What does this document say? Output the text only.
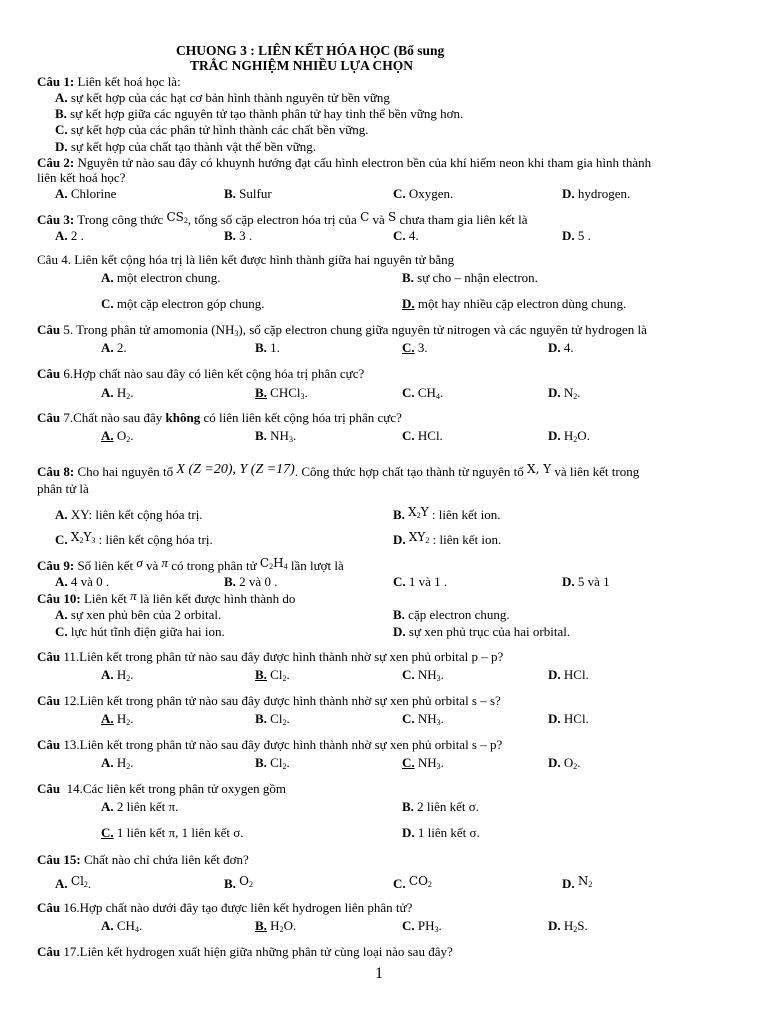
CHUONG 3 : LIÊN KẾT HÓA HỌC (Bổ sung
TRẮC NGHIỆM NHIỀU LỰA CHỌN
Câu 1: Liên kết hoá học là:
A. sự kết hợp của các hạt cơ bản hình thành nguyên tử bền vững
B. sự kết hợp giữa các nguyên tử tạo thành phân tử hay tinh thể bền vững hơn.
C. sự kết hợp của các phân tử hình thành các chất bền vững.
D. sự kết hợp của chất tạo thành vật thể bền vững.
Câu 2: Nguyên tử nào sau đây có khuynh hướng đạt cấu hình electron bền của khí hiếm neon khi tham gia hình thành
liên kết hoá học?
A. Chlorine	B. Sulfur	C. Oxygen.	D. hydrogen.
Câu 3: Trong công thức $CS_2$, tổng số cặp electron hóa trị của C và S chưa tham gia liên kết là
A. 2 .	B. 3 .	C. 4.	D. 5 .
Câu 4. Liên kết cộng hóa trị là liên kết được hình thành giữa hai nguyên tử bằng
A. một electron chung.	B. sự cho – nhận electron.
C. một cặp electron góp chung.	D. một hay nhiều cặp electron dùng chung.
Câu 5. Trong phân tử amomonia $(NH_3)$, số cặp electron chung giữa nguyên tử nitrogen và các nguyên tử hydrogen là
A. 2.	B. 1.	C. 3.	D. 4.
Câu 6.Hợp chất nào sau đây có liên kết cộng hóa trị phân cực?
A. $H_2$.	B. CHCl$_3$.	C. $CH_4$.	D. $N_2$.
Câu 7.Chất nào sau đây không có liên liên kết cộng hóa trị phân cực?
A. $O_2$.	B. $NH_3$.	C. HCl.	D. $H_2O$.
Câu 8: Cho hai nguyên tố X (Z =20), Y (Z =17). Công thức hợp chất tạo thành từ nguyên tố X, Y và liên kết trong
phân tử là
A. XY: liên kết cộng hóa trị.	B. $X_2Y$ : liên kết ion.
C. $X_2Y_3$ : liên kết cộng hóa trị.	D. $XY_2$ : liên kết ion.
Câu 9: Số liên kết σ và π có trong phân tử $C_2H_4$ lần lượt là
A. 4 và 0 .	B. 2 và 0 .	C. 1 và 1 .	D. 5 và 1
Câu 10: Liên kết π là liên kết được hình thành do
A. sự xen phủ bên của 2 orbital.	B. cặp electron chung.
C. lực hút tĩnh điện giữa hai ion.	D. sự xen phủ trục của hai orbital.
Câu 11.Liên kết trong phân tử nào sau đây được hình thành nhờ sự xen phủ orbital p – p?
A. $H_2$.	B. $Cl_2$.	C. $NH_3$.	D. HCl.
Câu 12.Liên kết trong phân tử nào sau đây được hình thành nhờ sự xen phủ orbital s – s?
A. $H_2$.	B. $Cl_2$.	C. $NH_3$.	D. HCl.
Câu 13.Liên kết trong phân tử nào sau đây được hình thành nhờ sự xen phủ orbital s – p?
A. $H_2$.	B. $Cl_2$.	C. $NH_3$.	D. $O_2$.
Câu  14.Các liên kết trong phân tử oxygen gồm
A. 2 liên kết π.	B. 2 liên kết σ.
C. 1 liên kết π, 1 liên kết σ.	D. 1 liên kết σ.
Câu 15: Chất nào chỉ chứa liên kết đơn?
A. $Cl_2$.	B. $O_2$	C. $CO_2$	D. $N_2$
Câu 16.Hợp chất nào dưới đây tạo được liên kết hydrogen liên phân tử?
A. $CH_4$.	B. $H_2O$.	C. $PH_3$.	D. $H_2S$.
Câu 17.Liên kết hydrogen xuất hiện giữa những phân tử cùng loại nào sau đây?
1
